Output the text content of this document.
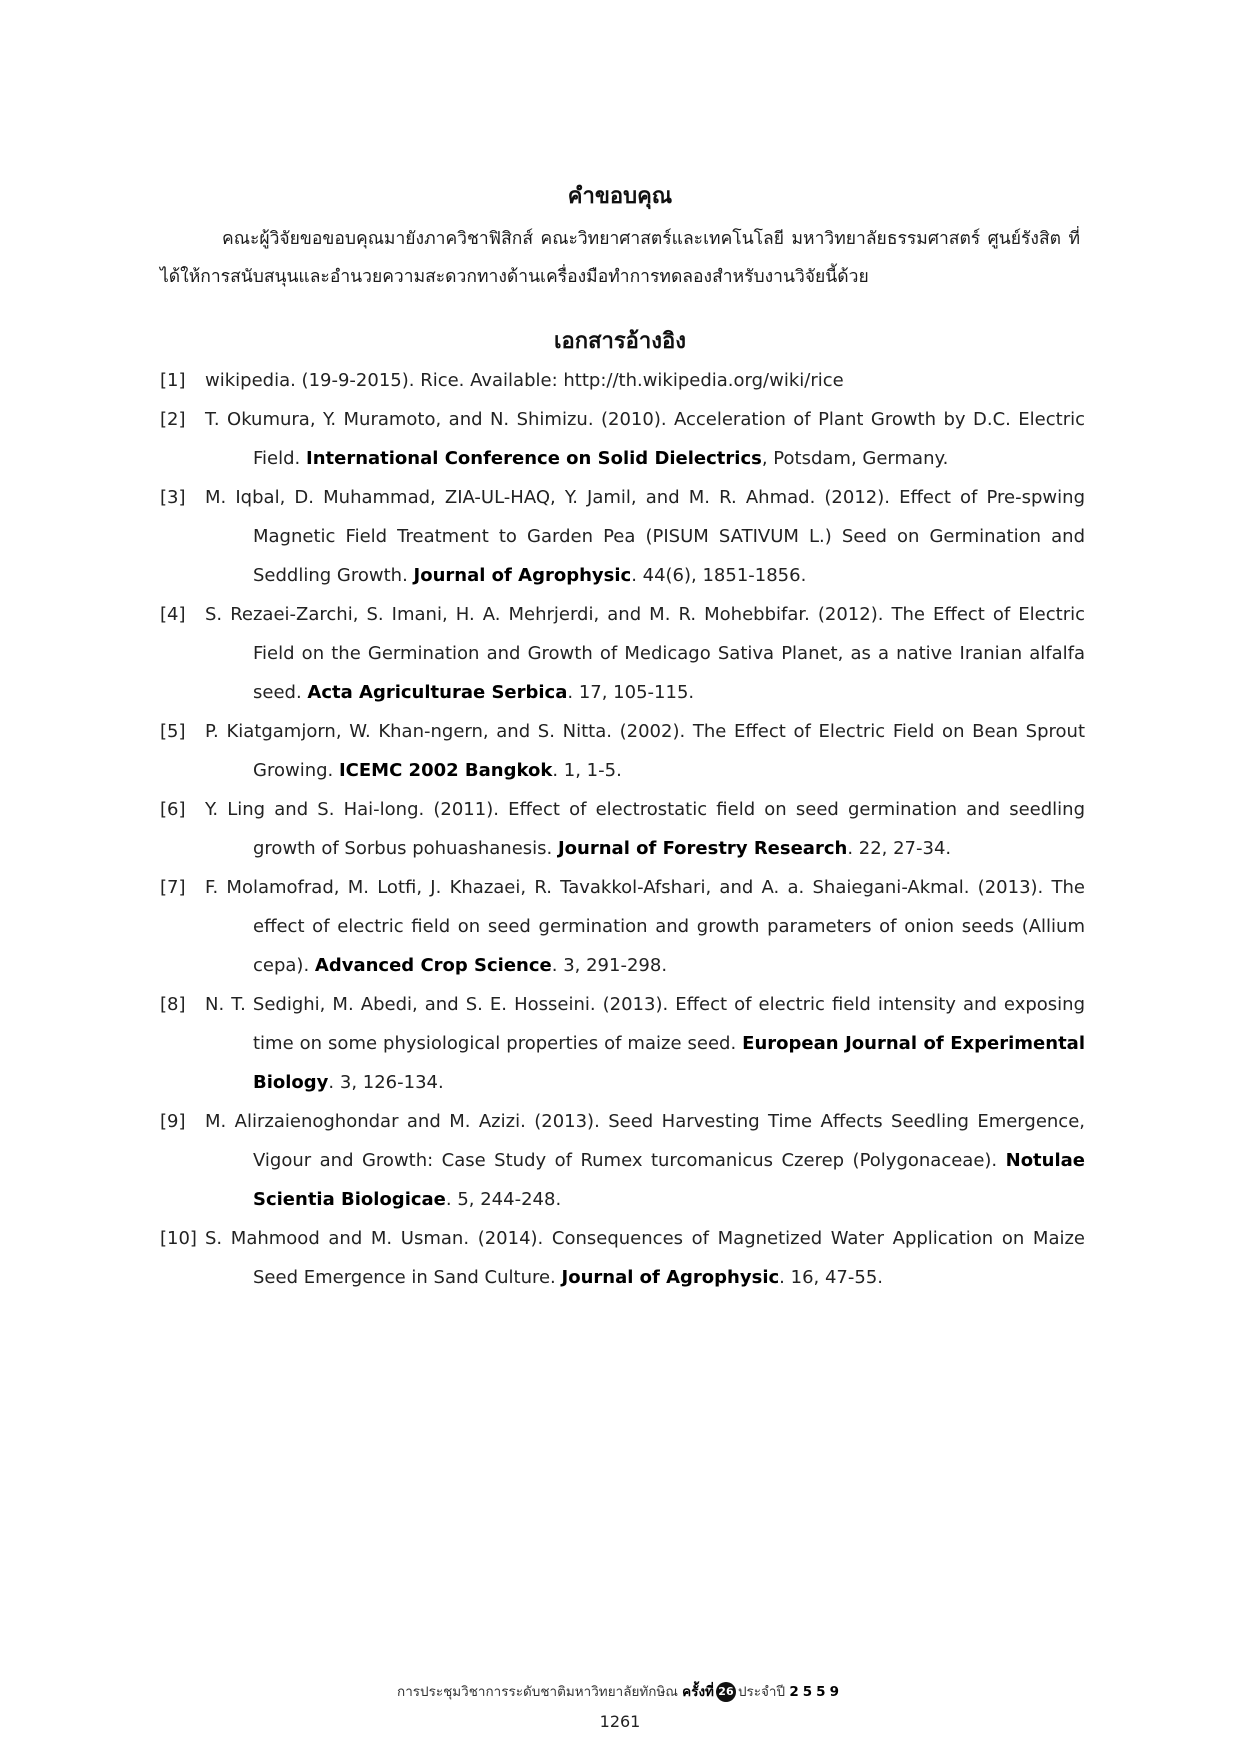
คำขอบคุณ

คณะผู้วิจัยขอขอบคุณมายังภาควิชาฟิสิกส์ คณะวิทยาศาสตร์และเทคโนโลยี มหาวิทยาลัยธรรมศาสตร์ ศูนย์รังสิต ที่ได้ให้การสนับสนุนและอำนวยความสะดวกทางด้านเครื่องมือทำการทดลองสำหรับงานวิจัยนี้ด้วย

เอกสารอ้างอิง
[1]	wikipedia. (19-9-2015). Rice. Available: http://th.wikipedia.org/wiki/rice
[2]	T. Okumura, Y. Muramoto, and N. Shimizu. (2010). Acceleration of Plant Growth by D.C. Electric Field. International Conference on Solid Dielectrics, Potsdam, Germany.
[3]	M. Iqbal, D. Muhammad, ZIA-UL-HAQ, Y. Jamil, and M. R. Ahmad. (2012). Effect of Pre-spwing Magnetic Field Treatment to Garden Pea (PISUM SATIVUM L.) Seed on Germination and Seddling Growth. Journal of Agrophysic. 44(6), 1851-1856.
[4]	S. Rezaei-Zarchi, S. Imani, H. A. Mehrjerdi, and M. R. Mohebbifar. (2012). The Effect of Electric Field on the Germination and Growth of Medicago Sativa Planet, as a native Iranian alfalfa seed. Acta Agriculturae Serbica. 17, 105-115.
[5]	P. Kiatgamjorn, W. Khan-ngern, and S. Nitta. (2002). The Effect of Electric Field on Bean Sprout Growing. ICEMC 2002 Bangkok. 1, 1-5.
[6]	Y. Ling and S. Hai-long. (2011). Effect of electrostatic field on seed germination and seedling growth of Sorbus pohuashanesis. Journal of Forestry Research. 22, 27-34.
[7]	F. Molamofrad, M. Lotfi, J. Khazaei, R. Tavakkol-Afshari, and A. a. Shaiegani-Akmal. (2013). The effect of electric field on seed germination and growth parameters of onion seeds (Allium cepa). Advanced Crop Science. 3, 291-298.
[8]	N. T. Sedighi, M. Abedi, and S. E. Hosseini. (2013). Effect of electric field intensity and exposing time on some physiological properties of maize seed. European Journal of Experimental Biology. 3, 126-134.
[9]	M. Alirzaienoghondar and M. Azizi. (2013). Seed Harvesting Time Affects Seedling Emergence, Vigour and Growth: Case Study of Rumex turcomanicus Czerep (Polygonaceae). Notulae Scientia Biologicae. 5, 244-248.
[10] S. Mahmood and M. Usman. (2014). Consequences of Magnetized Water Application on Maize Seed Emergence in Sand Culture. Journal of Agrophysic. 16, 47-55.
การประชุมวิชาการระดับชาติมหาวิทยาลัยทักษิณ ครั้งที่ 26 ประจำปี 2559
1261
